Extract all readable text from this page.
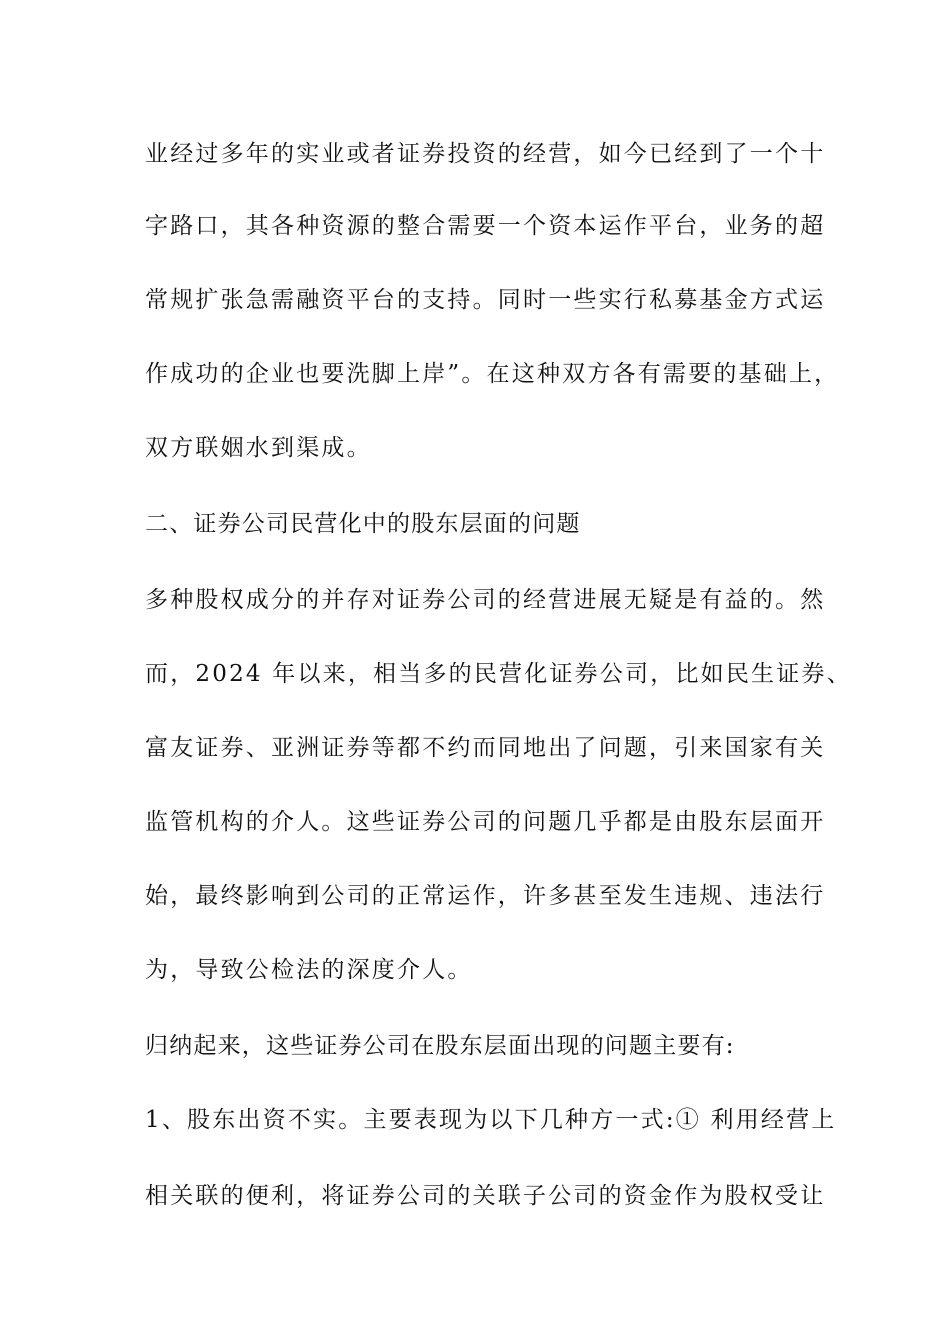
业经过多年的实业或者证券投资的经营，如今已经到了一个十
字路口，其各种资源的整合需要一个资本运作平台，业务的超
常规扩张急需融资平台的支持。同时一些实行私募基金方式运
作成功的企业也要洗脚上岸”。在这种双方各有需要的基础上，
双方联姻水到渠成。
二、证券公司民营化中的股东层面的问题
多种股权成分的并存对证券公司的经营进展无疑是有益的。然
而，2024 年以来，相当多的民营化证券公司，比如民生证券、
富友证券、亚洲证券等都不约而同地出了问题，引来国家有关
监管机构的介人。这些证券公司的问题几乎都是由股东层面开
始，最终影响到公司的正常运作，许多甚至发生违规、违法行
为，导致公检法的深度介人。
归纳起来，这些证券公司在股东层面出现的问题主要有:
1、股东出资不实。主要表现为以下几种方一式:① 利用经营上
相关联的便利，将证券公司的关联子公司的资金作为股权受让
